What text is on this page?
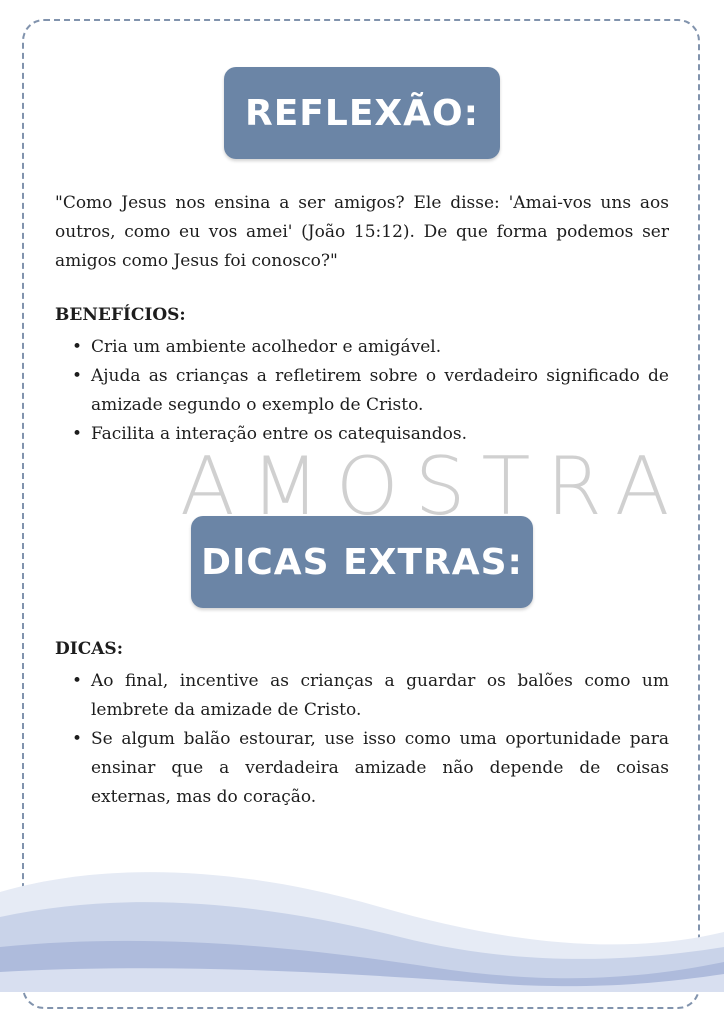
REFLEXÃO:
"Como Jesus nos ensina a ser amigos? Ele disse: 'Amai-vos uns aos outros, como eu vos amei' (João 15:12). De que forma podemos ser amigos como Jesus foi conosco?"
BENEFÍCIOS:
• Cria um ambiente acolhedor e amigável.
• Ajuda as crianças a refletirem sobre o verdadeiro significado de amizade segundo o exemplo de Cristo.
• Facilita a interação entre os catequisandos.
DICAS EXTRAS:
DICAS:
• Ao final, incentive as crianças a guardar os balões como um lembrete da amizade de Cristo.
• Se algum balão estourar, use isso como uma oportunidade para ensinar que a verdadeira amizade não depende de coisas externas, mas do coração.
AMOSTRA
